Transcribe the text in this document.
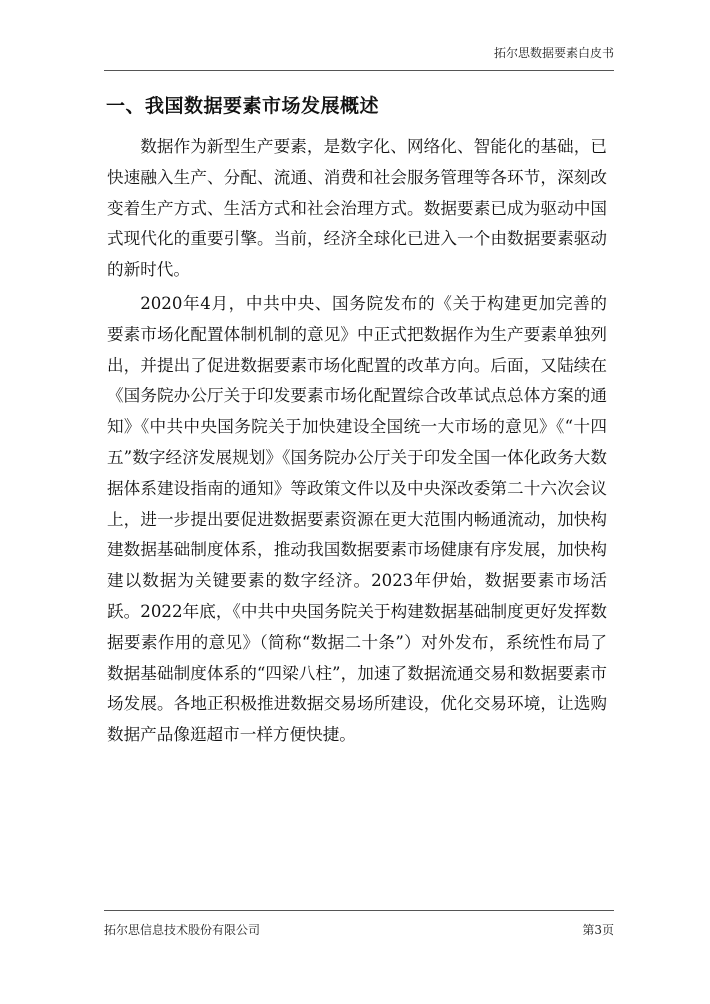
拓尔思数据要素白皮书
一、我国数据要素市场发展概述

数据作为新型生产要素，是数字化、网络化、智能化的基础，已快速融入生产、分配、流通、消费和社会服务管理等各环节，深刻改变着生产方式、生活方式和社会治理方式。数据要素已成为驱动中国式现代化的重要引擎。当前，经济全球化已进入一个由数据要素驱动的新时代。

2020年4月，中共中央、国务院发布的《关于构建更加完善的要素市场化配置体制机制的意见》中正式把数据作为生产要素单独列出，并提出了促进数据要素市场化配置的改革方向。后面，又陆续在《国务院办公厅关于印发要素市场化配置综合改革试点总体方案的通知》《中共中央国务院关于加快建设全国统一大市场的意见》《“十四五”数字经济发展规划》《国务院办公厅关于印发全国一体化政务大数据体系建设指南的通知》等政策文件以及中央深改委第二十六次会议上，进一步提出要促进数据要素资源在更大范围内畅通流动，加快构建数据基础制度体系，推动我国数据要素市场健康有序发展，加快构建以数据为关键要素的数字经济。2023年伊始，数据要素市场活跃。2022年底，《中共中央国务院关于构建数据基础制度更好发挥数据要素作用的意见》（简称“数据二十条”）对外发布，系统性布局了数据基础制度体系的“四梁八柱”，加速了数据流通交易和数据要素市场发展。各地正积极推进数据交易场所建设，优化交易环境，让选购数据产品像逛超市一样方便快捷。

拓尔思信息技术股份有限公司	第3页
